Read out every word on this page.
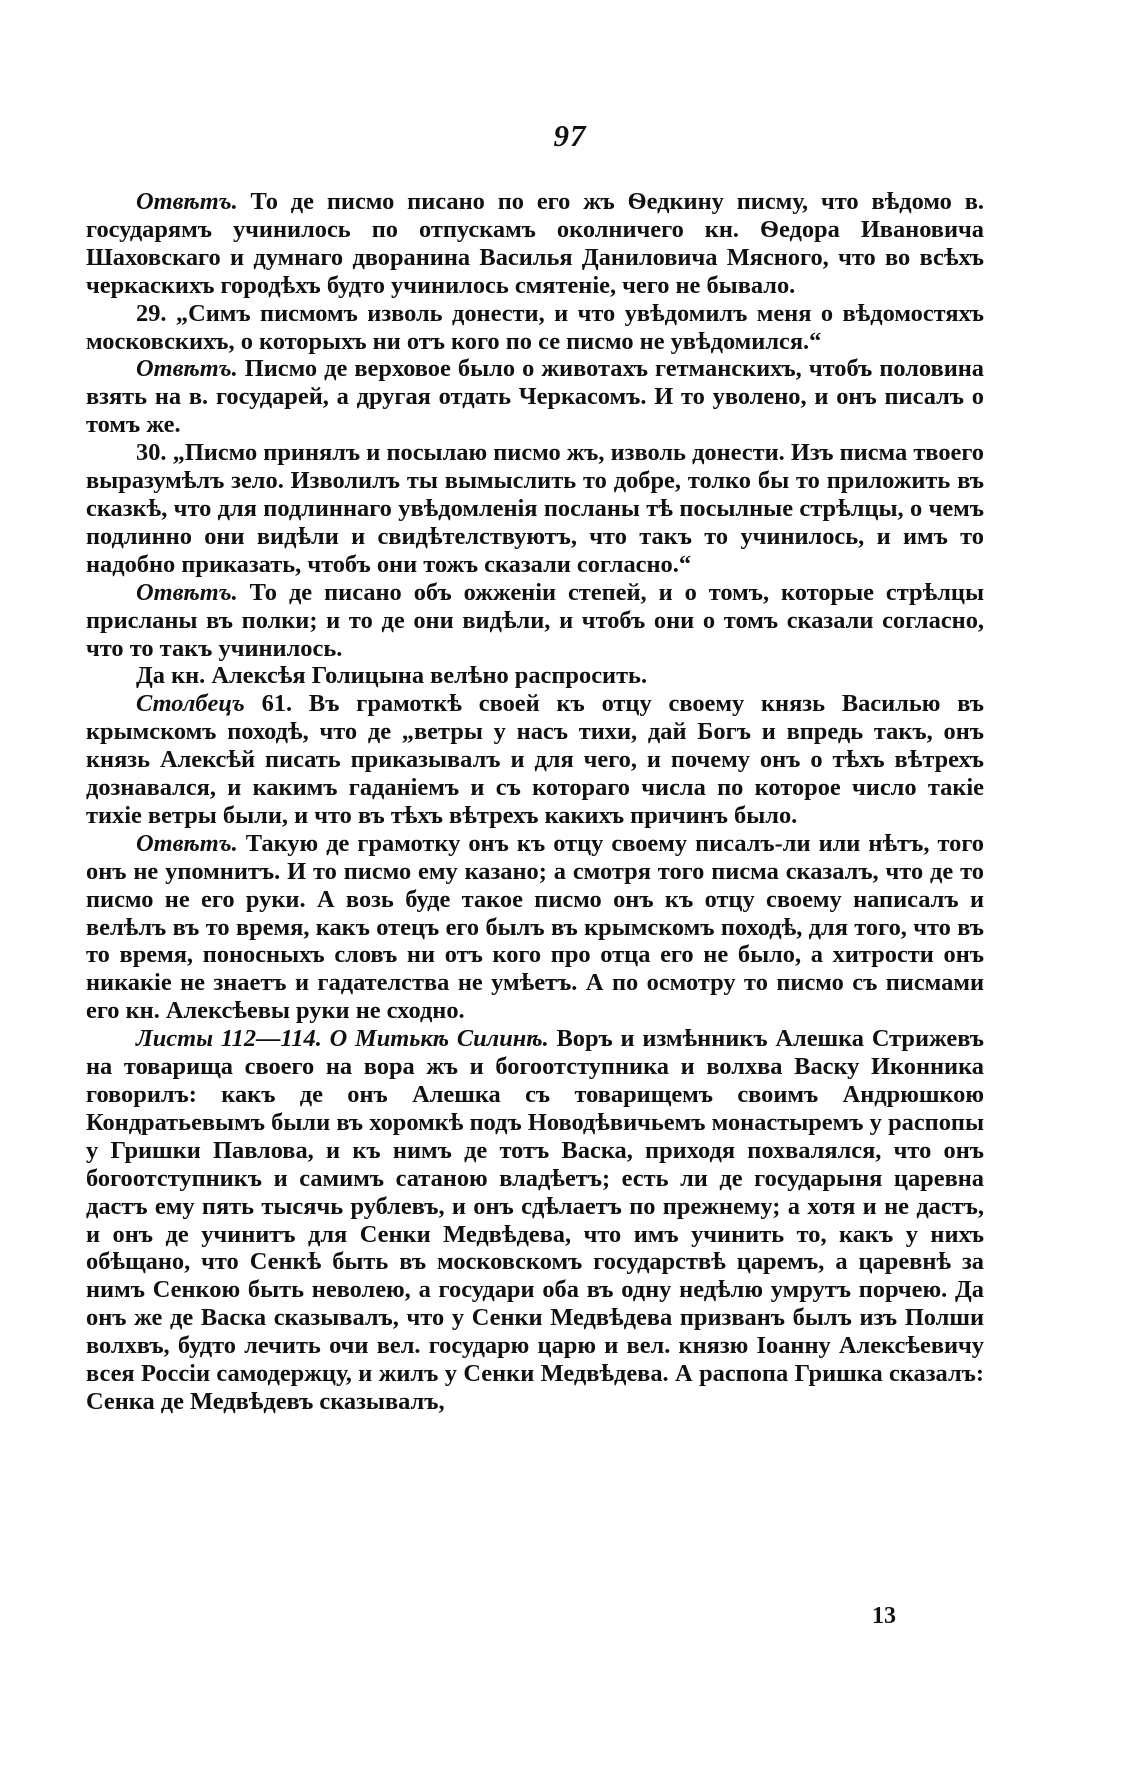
97

Отвѣтъ. То де писмо писано по его жъ Ѳедкину писму, что вѣдомо в. государямъ учинилось по отпускамъ околничего кн. Ѳедора Ивановича Шаховскаго и думнаго дворанина Василья Даниловича Мясного, что во всѣхъ черкаскихъ городѣхъ будто учинилось смятеніе, чего не бывало.

29. „Симъ писмомъ изволь донести, и что увѣдомилъ меня о вѣдомостяхъ московскихъ, о которыхъ ни отъ кого по се писмо не увѣдомился.“

Отвѣтъ. Писмо де верховое было о животахъ гетманскихъ, чтобъ половина взять на в. государей, а другая отдать Черкасомъ. И то уволено, и онъ писалъ о томъ же.

30. „Писмо принялъ и посылаю писмо жъ, изволь донести. Изъ писма твоего выразумѣлъ зело. Изволилъ ты вымыслить то добре, толко бы то приложить въ сказкѣ, что для подлиннаго увѣдомленія посланы тѣ посылные стрѣлцы, о чемъ подлинно они видѣли и свидѣтелствуютъ, что такъ то учинилось, и имъ то надобно приказать, чтобъ они тожъ сказали согласно.“

Отвѣтъ. То де писано объ ожженіи степей, и о томъ, которые стрѣлцы присланы въ полки; и то де они видѣли, и чтобъ они о томъ сказали согласно, что то такъ учинилось.

Да кн. Алексѣя Голицына велѣно распросить.

Столбецъ 61. Въ грамоткѣ своей къ отцу своему князь Василью въ крымскомъ походѣ, что де „ветры у насъ тихи, дай Богъ и впредь такъ, онъ князь Алексѣй писать приказывалъ и для чего, и почему онъ о тѣхъ вѣтрехъ дознавался, и какимъ гаданіемъ и съ котораго числа по которое число такіе тихіе ветры были, и что въ тѣхъ вѣтрехъ какихъ причинъ было.

Отвѣтъ. Такую де грамотку онъ къ отцу своему писалъ-ли или нѣтъ, того онъ не упомнитъ. И то писмо ему казано; а смотря того писма сказалъ, что де то писмо не его руки. А возь буде такое писмо онъ къ отцу своему написалъ и велѣлъ въ то время, какъ отецъ его былъ въ крымскомъ походѣ, для того, что въ то время, поносныхъ словъ ни отъ кого про отца его не было, а хитрости онъ никакіе не знаетъ и гадателства не умѣетъ. А по осмотру то писмо съ писмами его кн. Алексѣевы руки не сходно.

Листы 112—114. О Митькѣ Силинѣ. Воръ и измѣнникъ Алешка Стрижевъ на товарища своего на вора жъ и богоотступника и волхва Васку Иконника говорилъ: какъ де онъ Алешка съ товарищемъ своимъ Андрюшкою Кондратьевымъ были въ хоромкѣ подъ Новодѣвичьемъ монастыремъ у распопы у Гришки Павлова, и къ нимъ де тотъ Васка, приходя похвалялся, что онъ богоотступникъ и самимъ сатаною владѣетъ; есть ли де государыня царевна дастъ ему пять тысячь рублевъ, и онъ сдѣлаетъ по прежнему; а хотя и не дастъ, и онъ де учинитъ для Сенки Медвѣдева, что имъ учинить то, какъ у нихъ обѣщано, что Сенкѣ быть въ московскомъ государствѣ царемъ, а царевнѣ за нимъ Сенкою быть неволею, а государи оба въ одну недѣлю умрутъ порчею. Да онъ же де Васка сказывалъ, что у Сенки Медвѣдева призванъ былъ изъ Полши волхвъ, будто лечить очи вел. государю царю и вел. князю Іоанну Алексѣевичу всея Россіи самодержцу, и жилъ у Сенки Медвѣдева. А распопа Гришка сказалъ: Сенка де Медвѣдевъ сказывалъ,

13
